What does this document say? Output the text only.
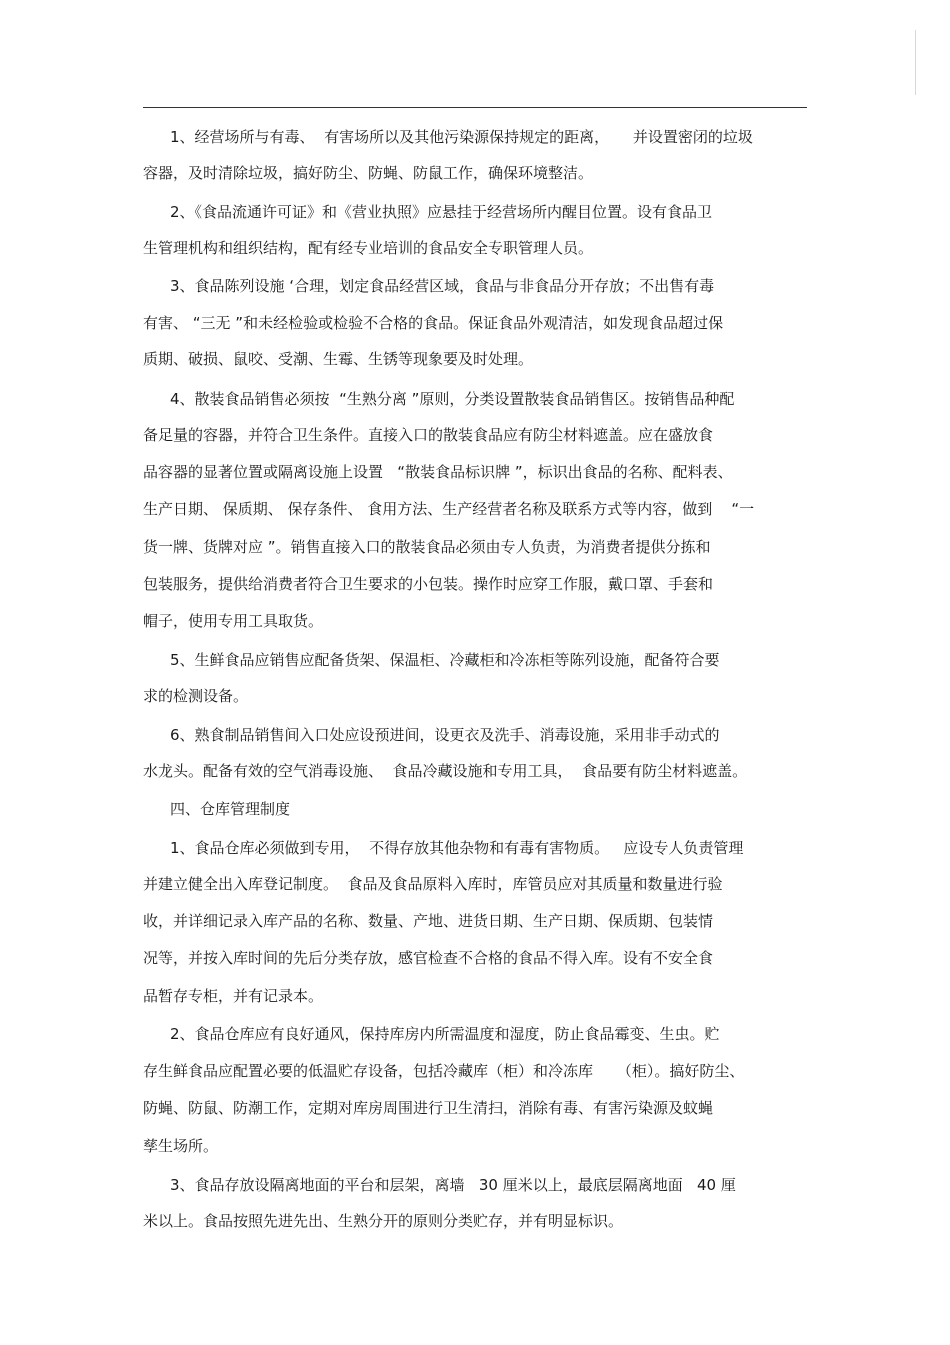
1、经营场所与有毒、  有害场所以及其他污染源保持规定的距离，     并设置密闭的垃圾
容器，及时清除垃圾，搞好防尘、防蝇、防鼠工作，确保环境整洁。
2、《食品流通许可证》和《营业执照》应悬挂于经营场所内醒目位置。设有食品卫
生管理机构和组织结构，配有经专业培训的食品安全专职管理人员。
3、食品陈列设施 ‘合理，划定食品经营区域，食品与非食品分开存放；不出售有毒
有害、 “三无 ”和未经检验或检验不合格的食品。保证食品外观清洁，如发现食品超过保
质期、破损、鼠咬、受潮、生霉、生锈等现象要及时处理。
4、散装食品销售必须按  “生熟分离 ”原则，分类设置散装食品销售区。按销售品种配
备足量的容器，并符合卫生条件。直接入口的散装食品应有防尘材料遮盖。应在盛放食
品容器的显著位置或隔离设施上设置   “散装食品标识牌 ”，标识出食品的名称、配料表、
生产日期、 保质期、 保存条件、 食用方法、生产经营者名称及联系方式等内容，做到    “一
货一牌、货牌对应 ”。销售直接入口的散装食品必须由专人负责，为消费者提供分拣和
包装服务，提供给消费者符合卫生要求的小包装。操作时应穿工作服，戴口罩、手套和
帽子，使用专用工具取货。
5、生鲜食品应销售应配备货架、保温柜、冷藏柜和冷冻柜等陈列设施，配备符合要
求的检测设备。
6、熟食制品销售间入口处应设预进间，设更衣及洗手、消毒设施，采用非手动式的
水龙头。配备有效的空气消毒设施、  食品冷藏设施和专用工具，  食品要有防尘材料遮盖。
四、仓库管理制度
1、食品仓库必须做到专用，  不得存放其他杂物和有毒有害物质。   应设专人负责管理
并建立健全出入库登记制度。  食品及食品原料入库时，库管员应对其质量和数量进行验
收，并详细记录入库产品的名称、数量、产地、进货日期、生产日期、保质期、包装情
况等，并按入库时间的先后分类存放，感官检查不合格的食品不得入库。设有不安全食
品暂存专柜，并有记录本。
2、食品仓库应有良好通风，保持库房内所需温度和湿度，防止食品霉变、生虫。贮
存生鲜食品应配置必要的低温贮存设备，包括冷藏库（柜）和冷冻库     （柜）。搞好防尘、
防蝇、防鼠、防潮工作，定期对库房周围进行卫生清扫，消除有毒、有害污染源及蚊蝇
孳生场所。
3、食品存放设隔离地面的平台和层架，离墙   30 厘米以上，最底层隔离地面   40 厘
米以上。食品按照先进先出、生熟分开的原则分类贮存，并有明显标识。
